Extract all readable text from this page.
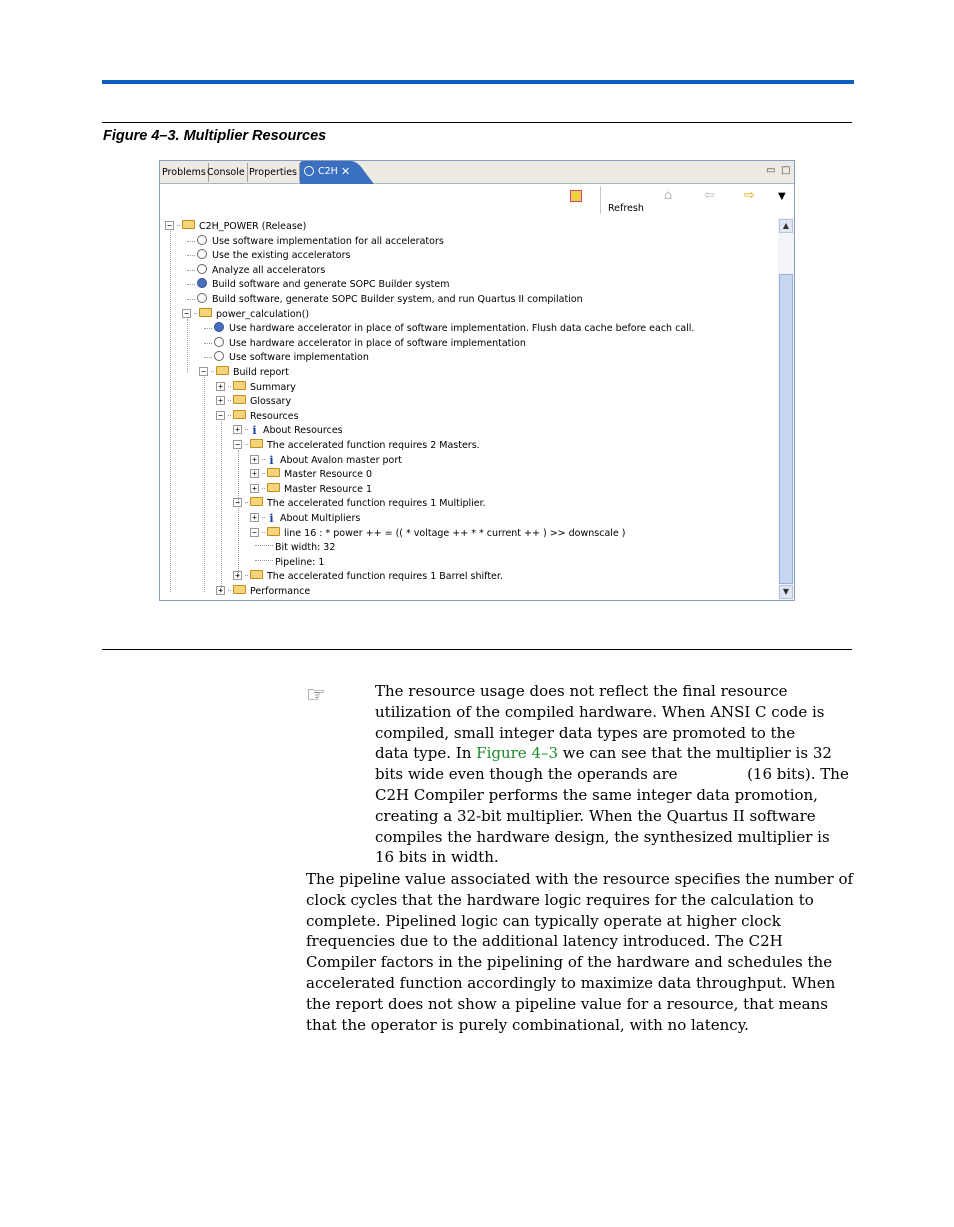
Figure 4–3. Multiplier Resources
Problems Console Properties	C2H ✕	▭ □
Refresh
⌂ ⇦ ⇨ ▼
−	C2H_POWER (Release)
Use software implementation for all accelerators
Use the existing accelerators
Analyze all accelerators
Build software and generate SOPC Builder system
Build software, generate SOPC Builder system, and run Quartus II compilation
−	power_calculation()
Use hardware accelerator in place of software implementation. Flush data cache before each call.
Use hardware accelerator in place of software implementation
Use software implementation
−	Build report
+	Summary
+	Glossary
−	Resources
+ i About Resources
−	The accelerated function requires 2 Masters.
+ i About Avalon master port
+	Master Resource 0
+	Master Resource 1
−	The accelerated function requires 1 Multiplier.
+ i About Multipliers
−	line 16 : * power ++ = (( * voltage ++ * * current ++ ) >> downscale )
Bit width: 32
Pipeline: 1
+	The accelerated function requires 1 Barrel shifter.
+	Performance
▲
▼
☞	The resource usage does not reflect the final resource utilization of the compiled hardware. When ANSI C code is compiled, small integer data types are promoted to the  data type. In Figure 4–3 we can see that the multiplier is 32 bits wide even though the operands are	(16 bits). The C2H Compiler performs the same integer data promotion, creating a 32-bit multiplier. When the Quartus II software compiles the hardware design, the synthesized multiplier is 16 bits in width.
The pipeline value associated with the resource specifies the number of clock cycles that the hardware logic requires for the calculation to complete. Pipelined logic can typically operate at higher clock frequencies due to the additional latency introduced. The C2H Compiler factors in the pipelining of the hardware and schedules the accelerated function accordingly to maximize data throughput. When the report does not show a pipeline value for a resource, that means that the operator is purely combinational, with no latency.
